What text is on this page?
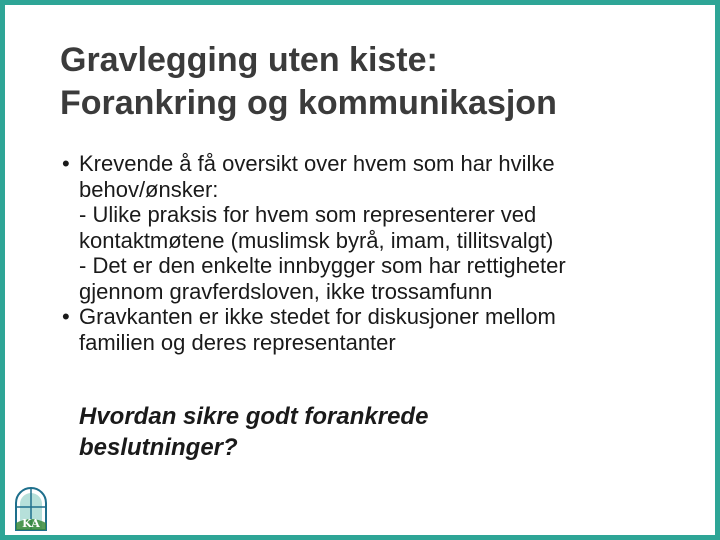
Gravlegging uten kiste:
Forankring og kommunikasjon
• Krevende å få oversikt over hvem som har hvilke
behov/ønsker:
- Ulike praksis for hvem som representerer ved
kontaktmøtene (muslimsk byrå, imam, tillitsvalgt)
- Det er den enkelte innbygger som har rettigheter
gjennom gravferdsloven, ikke trossamfunn
• Gravkanten er ikke stedet for diskusjoner mellom
familien og deres representanter
Hvordan sikre godt forankrede
beslutninger?
KA
